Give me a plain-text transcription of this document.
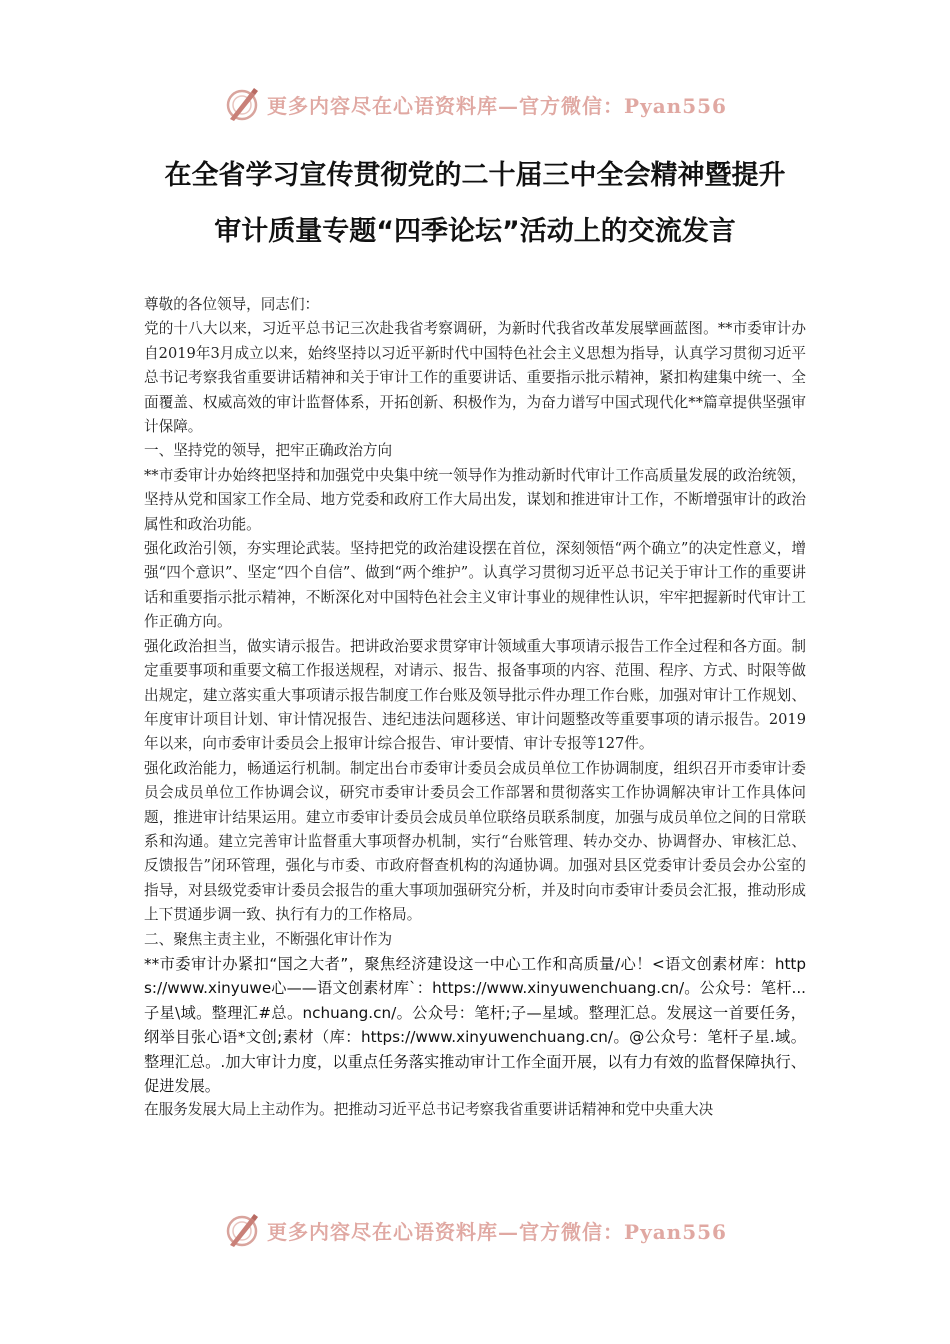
更多内容尽在心语资料库—官方微信：Pyan556
在全省学习宣传贯彻党的二十届三中全会精神暨提升
审计质量专题“四季论坛”活动上的交流发言

尊敬的各位领导，同志们：

党的十八大以来，习近平总书记三次赴我省考察调研，为新时代我省改革发展擘画蓝图。**市委审计办自2019年3月成立以来，始终坚持以习近平新时代中国特色社会主义思想为指导，认真学习贯彻习近平总书记考察我省重要讲话精神和关于审计工作的重要讲话、重要指示批示精神，紧扣构建集中统一、全面覆盖、权威高效的审计监督体系，开拓创新、积极作为，为奋力谱写中国式现代化**篇章提供坚强审计保障。

一、坚持党的领导，把牢正确政治方向

**市委审计办始终把坚持和加强党中央集中统一领导作为推动新时代审计工作高质量发展的政治统领，坚持从党和国家工作全局、地方党委和政府工作大局出发，谋划和推进审计工作，不断增强审计的政治属性和政治功能。

强化政治引领，夯实理论武装。坚持把党的政治建设摆在首位，深刻领悟“两个确立”的决定性意义，增强“四个意识”、坚定“四个自信”、做到“两个维护”。认真学习贯彻习近平总书记关于审计工作的重要讲话和重要指示批示精神，不断深化对中国特色社会主义审计事业的规律性认识，牢牢把握新时代审计工作正确方向。

强化政治担当，做实请示报告。把讲政治要求贯穿审计领域重大事项请示报告工作全过程和各方面。制定重要事项和重要文稿工作报送规程，对请示、报告、报备事项的内容、范围、程序、方式、时限等做出规定，建立落实重大事项请示报告制度工作台账及领导批示件办理工作台账，加强对审计工作规划、年度审计项目计划、审计情况报告、违纪违法问题移送、审计问题整改等重要事项的请示报告。2019年以来，向市委审计委员会上报审计综合报告、审计要情、审计专报等127件。

强化政治能力，畅通运行机制。制定出台市委审计委员会成员单位工作协调制度，组织召开市委审计委员会成员单位工作协调会议，研究市委审计委员会工作部署和贯彻落实工作协调解决审计工作具体问题，推进审计结果运用。建立市委审计委员会成员单位联络员联系制度，加强与成员单位之间的日常联系和沟通。建立完善审计监督重大事项督办机制，实行“台账管理、转办交办、协调督办、审核汇总、反馈报告”闭环管理，强化与市委、市政府督查机构的沟通协调。加强对县区党委审计委员会办公室的指导，对县级党委审计委员会报告的重大事项加强研究分析，并及时向市委审计委员会汇报，推动形成上下贯通步调一致、执行有力的工作格局。

二、聚焦主责主业，不断强化审计作为

**市委审计办紧扣“国之大者”，聚焦经济建设这一中心工作和高质量/心！<语文创素材库：https://www.xinyuwe心——语文创素材库`：https://www.xinyuwenchuang.cn/。公众号：笔杆...子星\域。整理汇#总。nchuang.cn/。公众号：笔杆;子—星域。整理汇总。发展这一首要任务，纲举目张心语*文创;素材（库：https://www.xinyuwenchuang.cn/。@公众号：笔杆子星.域。整理汇总。.加大审计力度，以重点任务落实推动审计工作全面开展，以有力有效的监督保障执行、促进发展。

在服务发展大局上主动作为。把推动习近平总书记考察我省重要讲话精神和党中央重大决

更多内容尽在心语资料库—官方微信：Pyan556
